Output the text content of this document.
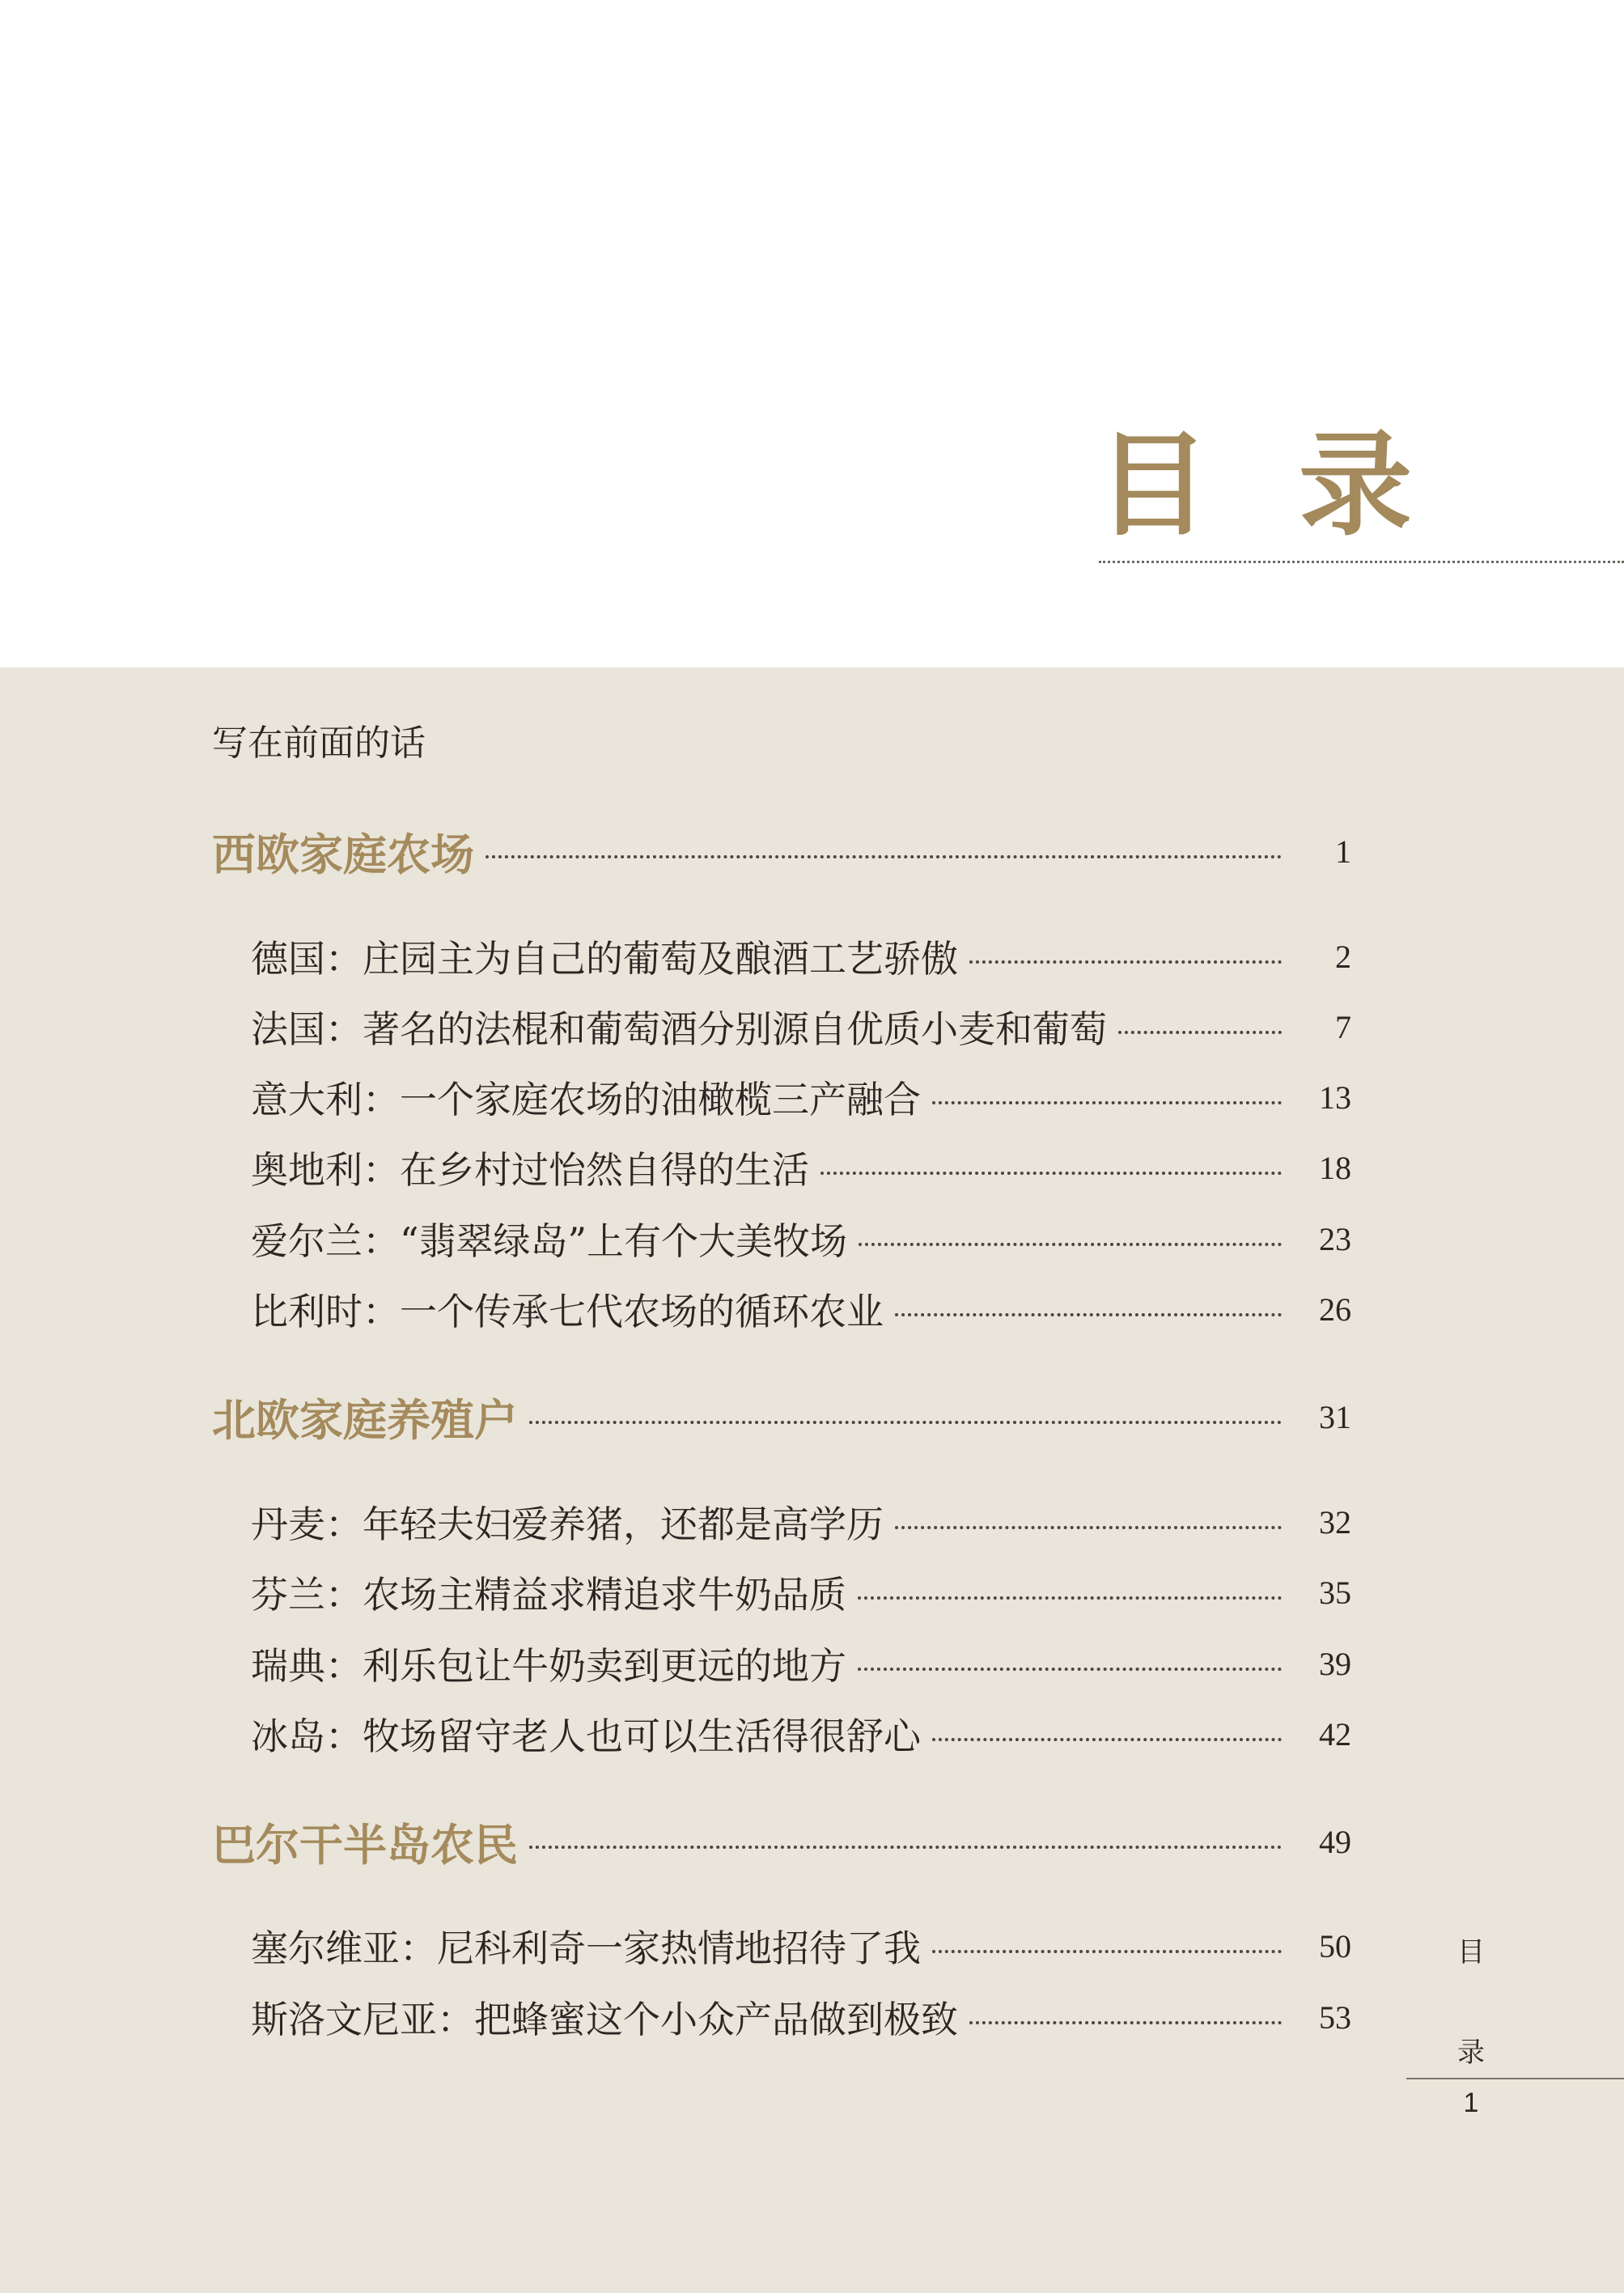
目录
写在前面的话
西欧家庭农场	1
德国：庄园主为自己的葡萄及酿酒工艺骄傲	2
法国：著名的法棍和葡萄酒分别源自优质小麦和葡萄	7
意大利：一个家庭农场的油橄榄三产融合	13
奥地利：在乡村过怡然自得的生活	18
爱尔兰：“翡翠绿岛”上有个大美牧场	23
比利时：一个传承七代农场的循环农业	26
北欧家庭养殖户	31
丹麦：年轻夫妇爱养猪，还都是高学历	32
芬兰：农场主精益求精追求牛奶品质	35
瑞典：利乐包让牛奶卖到更远的地方	39
冰岛：牧场留守老人也可以生活得很舒心	42
巴尔干半岛农民	49
塞尔维亚：尼科利奇一家热情地招待了我	50
斯洛文尼亚：把蜂蜜这个小众产品做到极致	53
目
录
1
